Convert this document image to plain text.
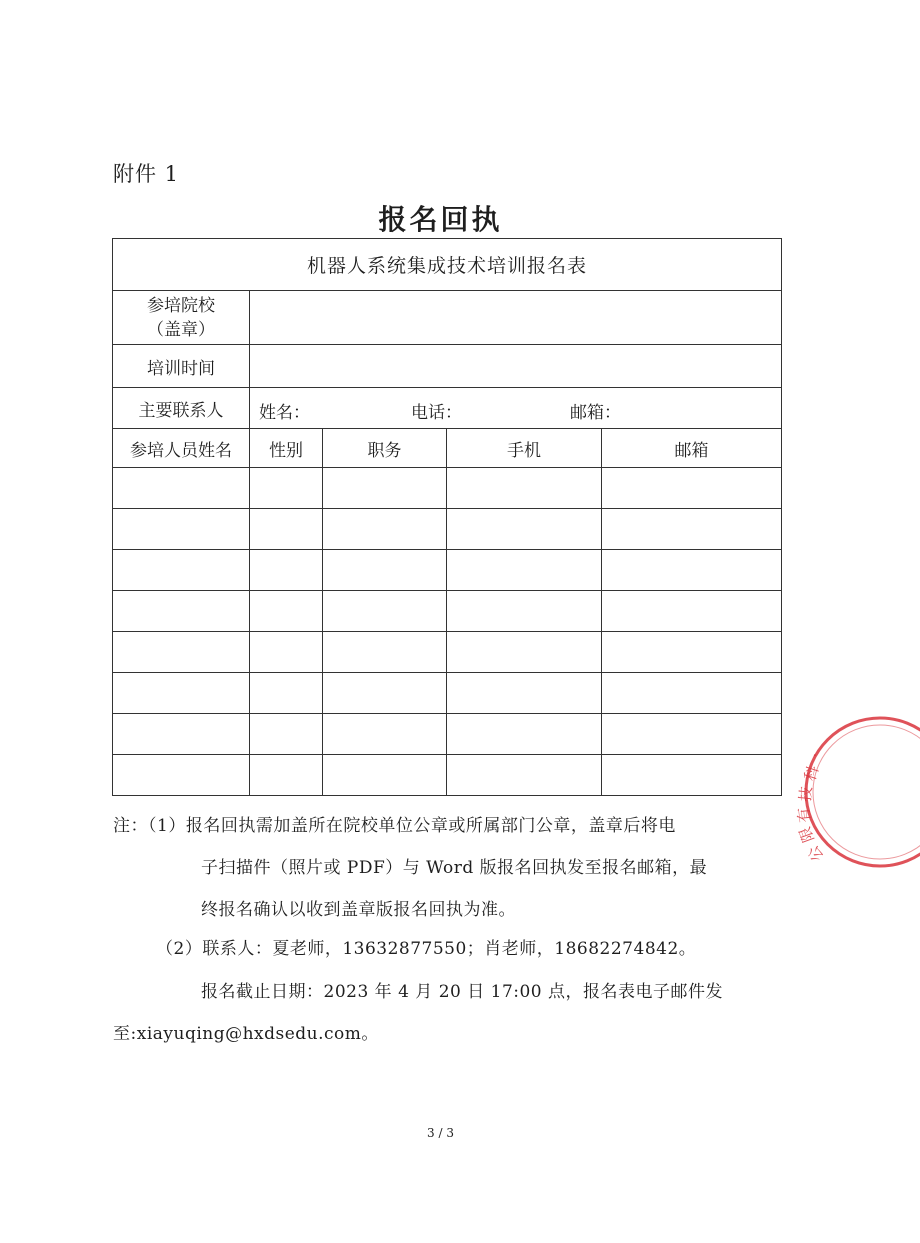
附件 1
报名回执
机器人系统集成技术培训报名表				

参培院校
（盖章）				

培训时间				
主要联系人	姓名： 电话： 邮箱：			

参培人员姓名	性别	职务	手机	邮箱

注：（1）报名回执需加盖所在院校单位公章或所属部门公章，盖章后将电
子扫描件（照片或 PDF）与 Word 版报名回执发至报名邮箱，最
终报名确认以收到盖章版报名回执为准。
（2）联系人：夏老师，13632877550；肖老师，18682274842。
报名截止日期：2023 年 4 月 20 日 17:00 点，报名表电子邮件发
至:xiayuqing@hxdsedu.com。
·
科
技
有
限
公
3 / 3
